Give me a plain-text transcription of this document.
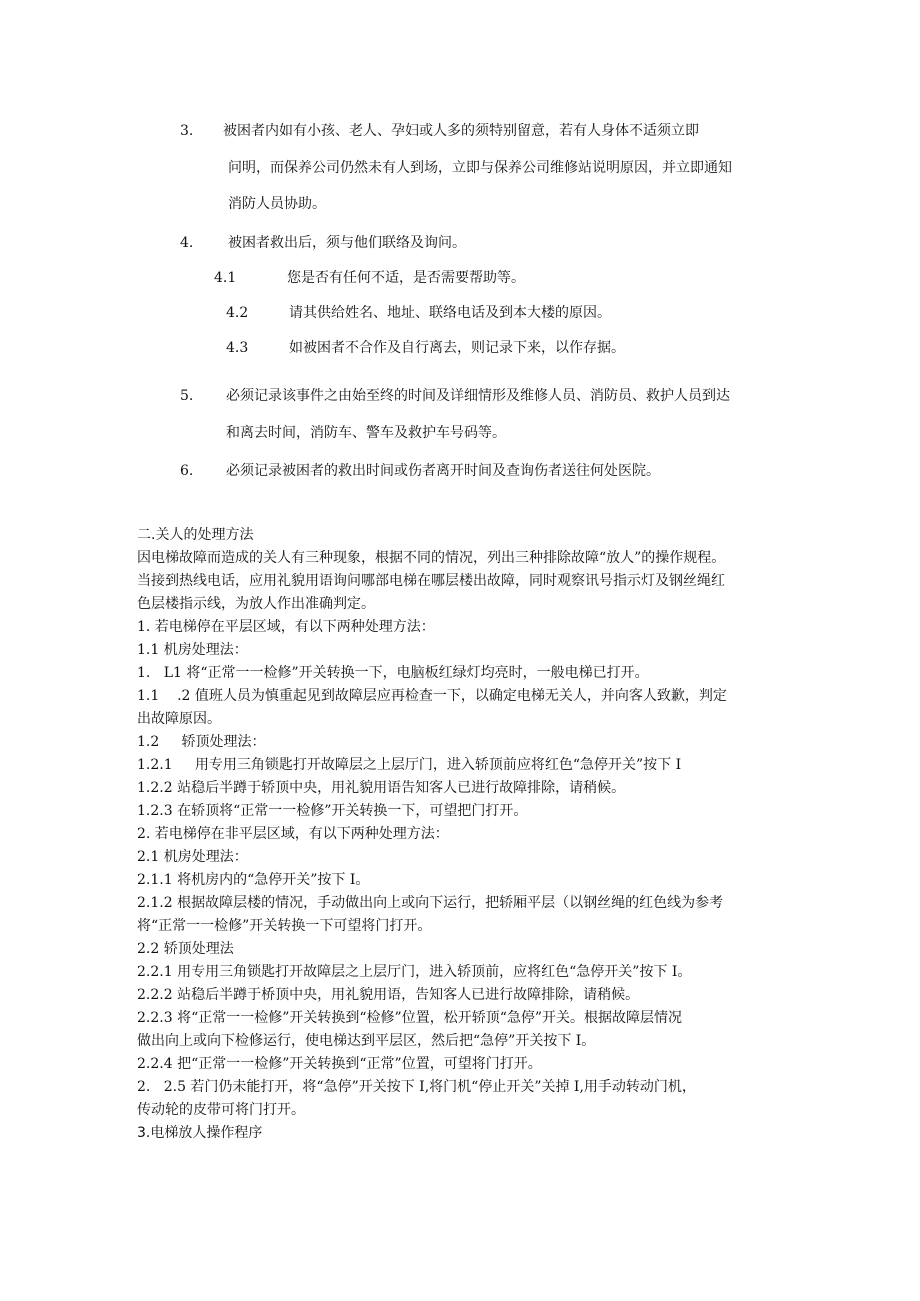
3. 被困者内如有小孩、老人、孕妇或人多的须特别留意，若有人身体不适须立即
问明，而保养公司仍然未有人到场，立即与保养公司维修站说明原因，并立即通知
消防人员协助。
4. 被困者救出后，须与他们联络及询问。
4.1	您是否有任何不适，是否需要帮助等。
4.2	请其供给姓名、地址、联络电话及到本大楼的原因。
4.3	如被困者不合作及自行离去，则记录下来，以作存据。
5. 必须记录该事件之由始至终的时间及详细情形及维修人员、消防员、救护人员到达
和离去时间，消防车、警车及救护车号码等。
6. 必须记录被困者的救出时间或伤者离开时间及查询伤者送往何处医院。
二.关人的处理方法
因电梯故障而造成的关人有三种现象，根据不同的情况，列出三种排除故障“放人”的操作规程。
当接到热线电话，应用礼貌用语询问哪部电梯在哪层楼出故障，同时观察讯号指示灯及钢丝绳红
色层楼指示线，为放人作出准确判定。
1. 若电梯停在平层区域，有以下两种处理方法：
1.1 机房处理法：
1.   L1 将“正常一一检修”开关转换一下，电脑板红绿灯均亮时，一般电梯已打开。
1.1    .2 值班人员为慎重起见到故障层应再检查一下，以确定电梯无关人，并向客人致歉，判定
出故障原因。
1.2     轿顶处理法：
1.2.1     用专用三角锁匙打开故障层之上层厅门，进入轿顶前应将红色“急停开关”按下 I
1.2.2 站稳后半蹲于轿顶中央，用礼貌用语告知客人已进行故障排除，请稍候。
1.2.3 在轿顶将“正常一一检修”开关转换一下，可望把门打开。
2. 若电梯停在非平层区域，有以下两种处理方法：
2.1 机房处理法：
2.1.1 将机房内的“急停开关”按下 I。
2.1.2 根据故障层楼的情况，手动做出向上或向下运行，把轿厢平层（以钢丝绳的红色线为参考
将“正常一一检修”开关转换一下可望将门打开。
2.2 轿顶处理法
2.2.1 用专用三角锁匙打开故障层之上层厅门，进入轿顶前，应将红色“急停开关”按下 I。
2.2.2 站稳后半蹲于桥顶中央，用礼貌用语，告知客人已进行故障排除，请稍候。
2.2.3 将“正常一一检修”开关转换到“检修”位置，松开轿顶“急停”开关。根据故障层情况
做出向上或向下检修运行，使电梯达到平层区，然后把“急停”开关按下 I。
2.2.4 把“正常一一检修”开关转换到“正常”位置，可望将门打开。
2.   2.5 若门仍未能打开，将“急停”开关按下 I,将门机“停止开关”关掉 I,用手动转动门机，
传动轮的皮带可将门打开。
3.电梯放人操作程序
